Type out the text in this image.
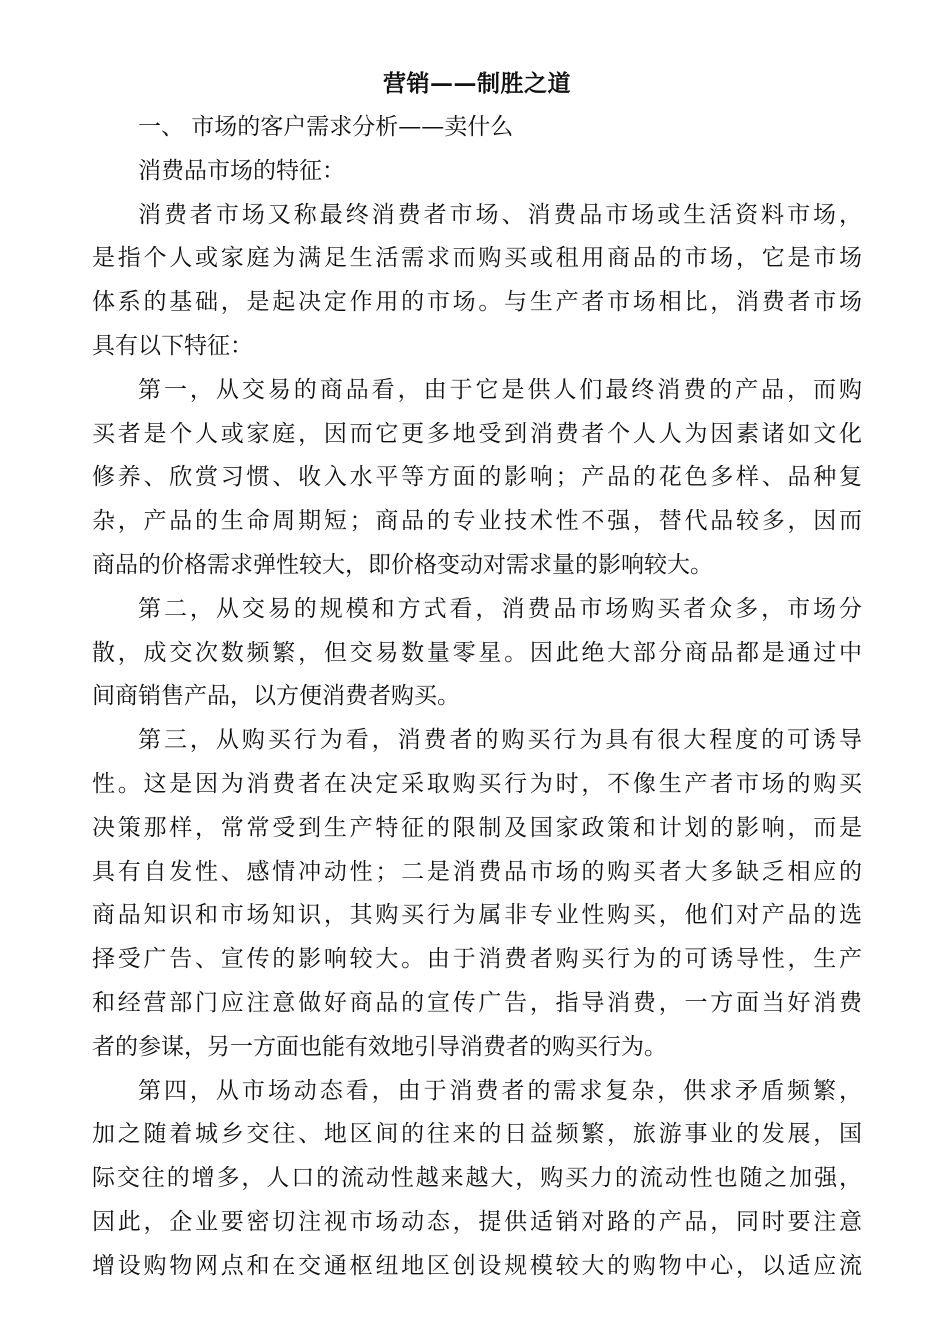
营销——制胜之道

一、 市场的客户需求分析——卖什么

消费品市场的特征：

消费者市场又称最终消费者市场、消费品市场或生活资料市场，

是指个人或家庭为满足生活需求而购买或租用商品的市场，它是市场

体系的基础，是起决定作用的市场。与生产者市场相比，消费者市场

具有以下特征：

第一，从交易的商品看，由于它是供人们最终消费的产品，而购

买者是个人或家庭，因而它更多地受到消费者个人人为因素诸如文化

修养、欣赏习惯、收入水平等方面的影响；产品的花色多样、品种复

杂，产品的生命周期短；商品的专业技术性不强，替代品较多，因而

商品的价格需求弹性较大，即价格变动对需求量的影响较大。

第二，从交易的规模和方式看，消费品市场购买者众多，市场分

散，成交次数频繁，但交易数量零星。因此绝大部分商品都是通过中

间商销售产品，以方便消费者购买。

第三，从购买行为看，消费者的购买行为具有很大程度的可诱导

性。这是因为消费者在决定采取购买行为时，不像生产者市场的购买

决策那样，常常受到生产特征的限制及国家政策和计划的影响，而是

具有自发性、感情冲动性；二是消费品市场的购买者大多缺乏相应的

商品知识和市场知识，其购买行为属非专业性购买，他们对产品的选

择受广告、宣传的影响较大。由于消费者购买行为的可诱导性，生产

和经营部门应注意做好商品的宣传广告，指导消费，一方面当好消费

者的参谋，另一方面也能有效地引导消费者的购买行为。

第四，从市场动态看，由于消费者的需求复杂，供求矛盾频繁，

加之随着城乡交往、地区间的往来的日益频繁，旅游事业的发展，国

际交往的增多，人口的流动性越来越大，购买力的流动性也随之加强，

因此，企业要密切注视市场动态，提供适销对路的产品，同时要注意

增设购物网点和在交通枢纽地区创设规模较大的购物中心，以适应流
